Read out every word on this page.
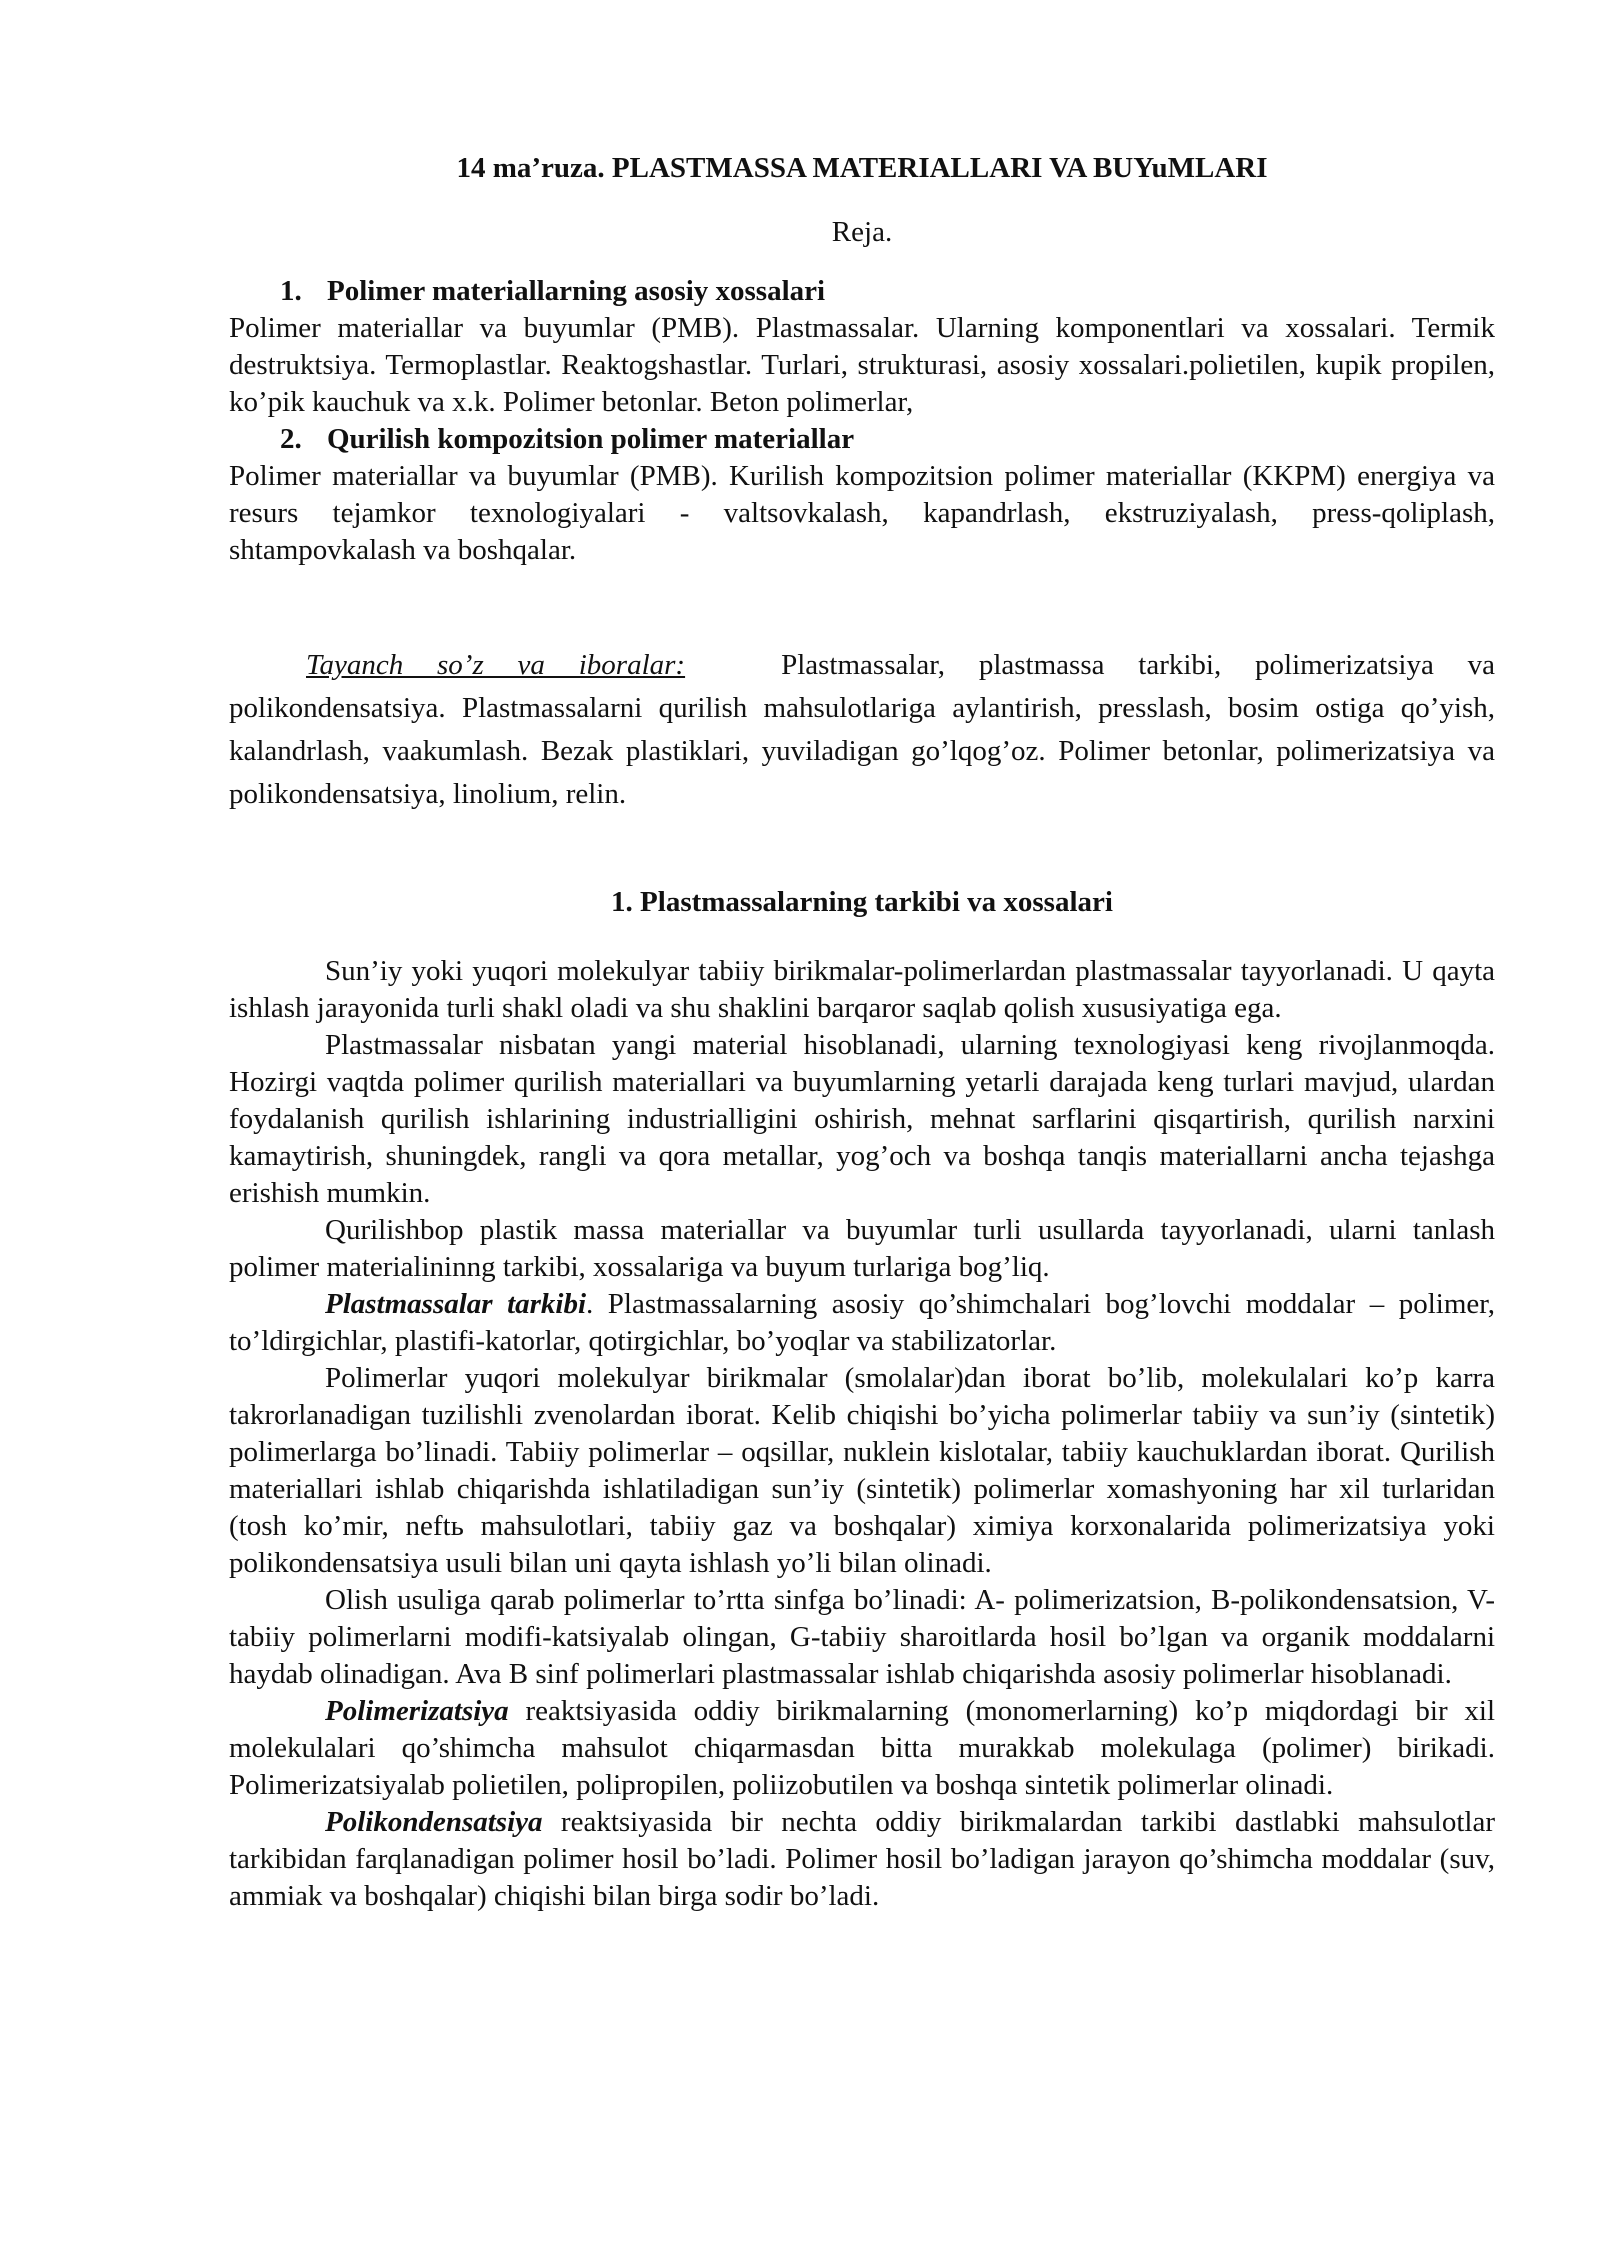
14 ma’ruza. PLASTMASSA MATERIALLARI VA BUYuMLARI

Reja.

1. Polimer materiallarning asosiy xossalari

Polimer materiallar va buyumlar (PMB). Plastmassalar. Ularning komponentlari va xossalari. Termik destruktsiya. Termoplastlar. Reaktogshastlar. Turlari, strukturasi, asosiy xossalari.polietilen, kupik propilen, ko’pik kauchuk va x.k. Polimer betonlar. Beton polimerlar,

2. Qurilish kompozitsion polimer materiallar

Polimer materiallar va buyumlar (PMB). Kurilish kompozitsion polimer materiallar (KKPM) energiya va resurs tejamkor texnologiyalari - valtsovkalash, kapandrlash, ekstruziyalash, press-qoliplash, shtampovkalash va boshqalar.

Tayanch so’z va iboralar:	Plastmassalar, plastmassa tarkibi, polimerizatsiya va polikondensatsiya. Plastmassalarni qurilish mahsulotlariga aylantirish, presslash, bosim ostiga qo’yish, kalandrlash, vaakumlash. Bezak plastiklari, yuviladigan go’lqog’oz. Polimer betonlar, polimerizatsiya va polikondensatsiya, linolium, relin.

1. Plastmassalarning tarkibi va xossalari

Sun’iy yoki yuqori molekulyar tabiiy birikmalar-polimerlardan plastmassalar tayyorlanadi. U qayta ishlash jarayonida turli shakl oladi va shu shaklini barqaror saqlab qolish xususiyatiga ega.

Plastmassalar nisbatan yangi material hisoblanadi, ularning texnologiyasi keng rivojlanmoqda. Hozirgi vaqtda polimer qurilish materiallari va buyumlarning yetarli darajada keng turlari mavjud, ulardan foydalanish qurilish ishlarining industrialligini oshirish, mehnat sarflarini qisqartirish, qurilish narxini kamaytirish, shuningdek, rangli va qora metallar, yog’och va boshqa tanqis materiallarni ancha tejashga erishish mumkin.

Qurilishbop plastik massa materiallar va buyumlar turli usullarda tayyorlanadi, ularni tanlash polimer materialininng tarkibi, xossalariga va buyum turlariga bog’liq.

Plastmassalar tarkibi. Plastmassalarning asosiy qo’shimchalari bog’lovchi moddalar – polimer, to’ldirgichlar, plastifi-katorlar, qotirgichlar, bo’yoqlar va stabilizatorlar.

Polimerlar yuqori molekulyar birikmalar (smolalar)dan iborat bo’lib, molekulalari ko’p karra takrorlanadigan tuzilishli zvenolardan iborat. Kelib chiqishi bo’yicha polimerlar tabiiy va sun’iy (sintetik) polimerlarga bo’linadi. Tabiiy polimerlar – oqsillar, nuklein kislotalar, tabiiy kauchuklardan iborat. Qurilish materiallari ishlab chiqarishda ishlatiladigan sun’iy (sintetik) polimerlar xomashyoning har xil turlaridan (tosh ko’mir, neftь mahsulotlari, tabiiy gaz va boshqalar) ximiya korxonalarida polimerizatsiya yoki polikondensatsiya usuli bilan uni qayta ishlash yo’li bilan olinadi.

Olish usuliga qarab polimerlar to’rtta sinfga bo’linadi: A- polimerizatsion, B-polikondensatsion, V-tabiiy polimerlarni modifi-katsiyalab olingan, G-tabiiy sharoitlarda hosil bo’lgan va organik moddalarni haydab olinadigan. Ava B sinf polimerlari plastmassalar ishlab chiqarishda asosiy polimerlar hisoblanadi.

Polimerizatsiya reaktsiyasida oddiy birikmalarning (monomerlarning) ko’p miqdordagi bir xil molekulalari qo’shimcha mahsulot chiqarmasdan bitta murakkab molekulaga (polimer) birikadi. Polimerizatsiyalab polietilen, polipropilen, poliizobutilen va boshqa sintetik polimerlar olinadi.

Polikondensatsiya reaktsiyasida bir nechta oddiy birikmalardan tarkibi dastlabki mahsulotlar tarkibidan farqlanadigan polimer hosil bo’ladi. Polimer hosil bo’ladigan jarayon qo’shimcha moddalar (suv, ammiak va boshqalar) chiqishi bilan birga sodir bo’ladi.
